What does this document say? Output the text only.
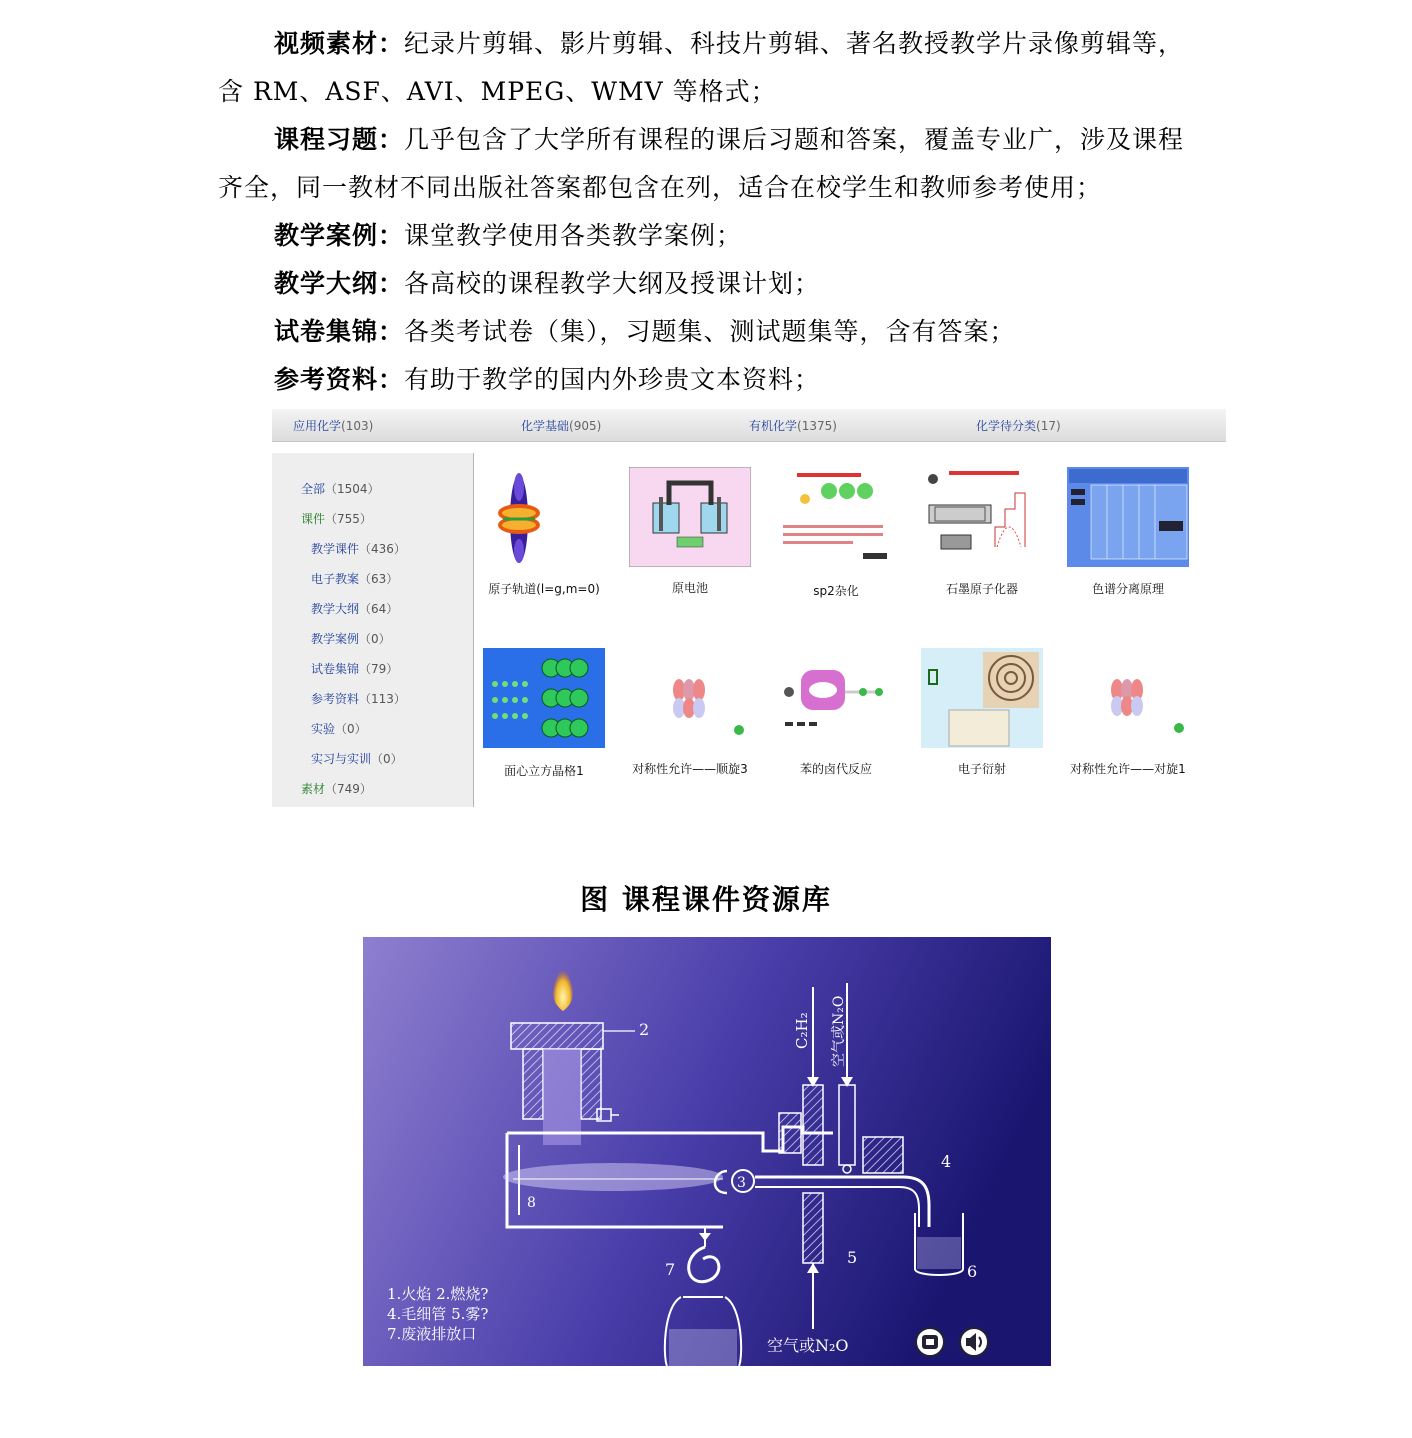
视频素材：纪录片剪辑、影片剪辑、科技片剪辑、著名教授教学片录像剪辑等，含 RM、ASF、AVI、MPEG、WMV 等格式；
课程习题：几乎包含了大学所有课程的课后习题和答案，覆盖专业广，涉及课程齐全，同一教材不同出版社答案都包含在列，适合在校学生和教师参考使用；
教学案例：课堂教学使用各类教学案例；
教学大纲：各高校的课程教学大纲及授课计划；
试卷集锦：各类考试卷（集），习题集、测试题集等，含有答案；
参考资料：有助于教学的国内外珍贵文本资料；
应用化学(103)	化学基础(905)	有机化学(1375)	化学待分类(17)
全部（1504）
课件（755）
教学课件（436）
电子教案（63）
教学大纲（64）
教学案例（0）
试卷集锦（79）
参考资料（113）
实验（0）
实习与实训（0）
素材（749）
原子轨道(l=g,m=0)	原电池	sp2杂化	石墨原子化器	色谱分离原理
面心立方晶格1	对称性允许——顺旋3	苯的卤代反应	电子衍射	对称性允许——对旋1
图 课程课件资源库
2
3
4
5
6
7
8
C₂H₂ 空气或N₂O
空气或N₂O
1.火焰 2.燃烧?
4.毛细管 5.雾?
7.废液排放口
